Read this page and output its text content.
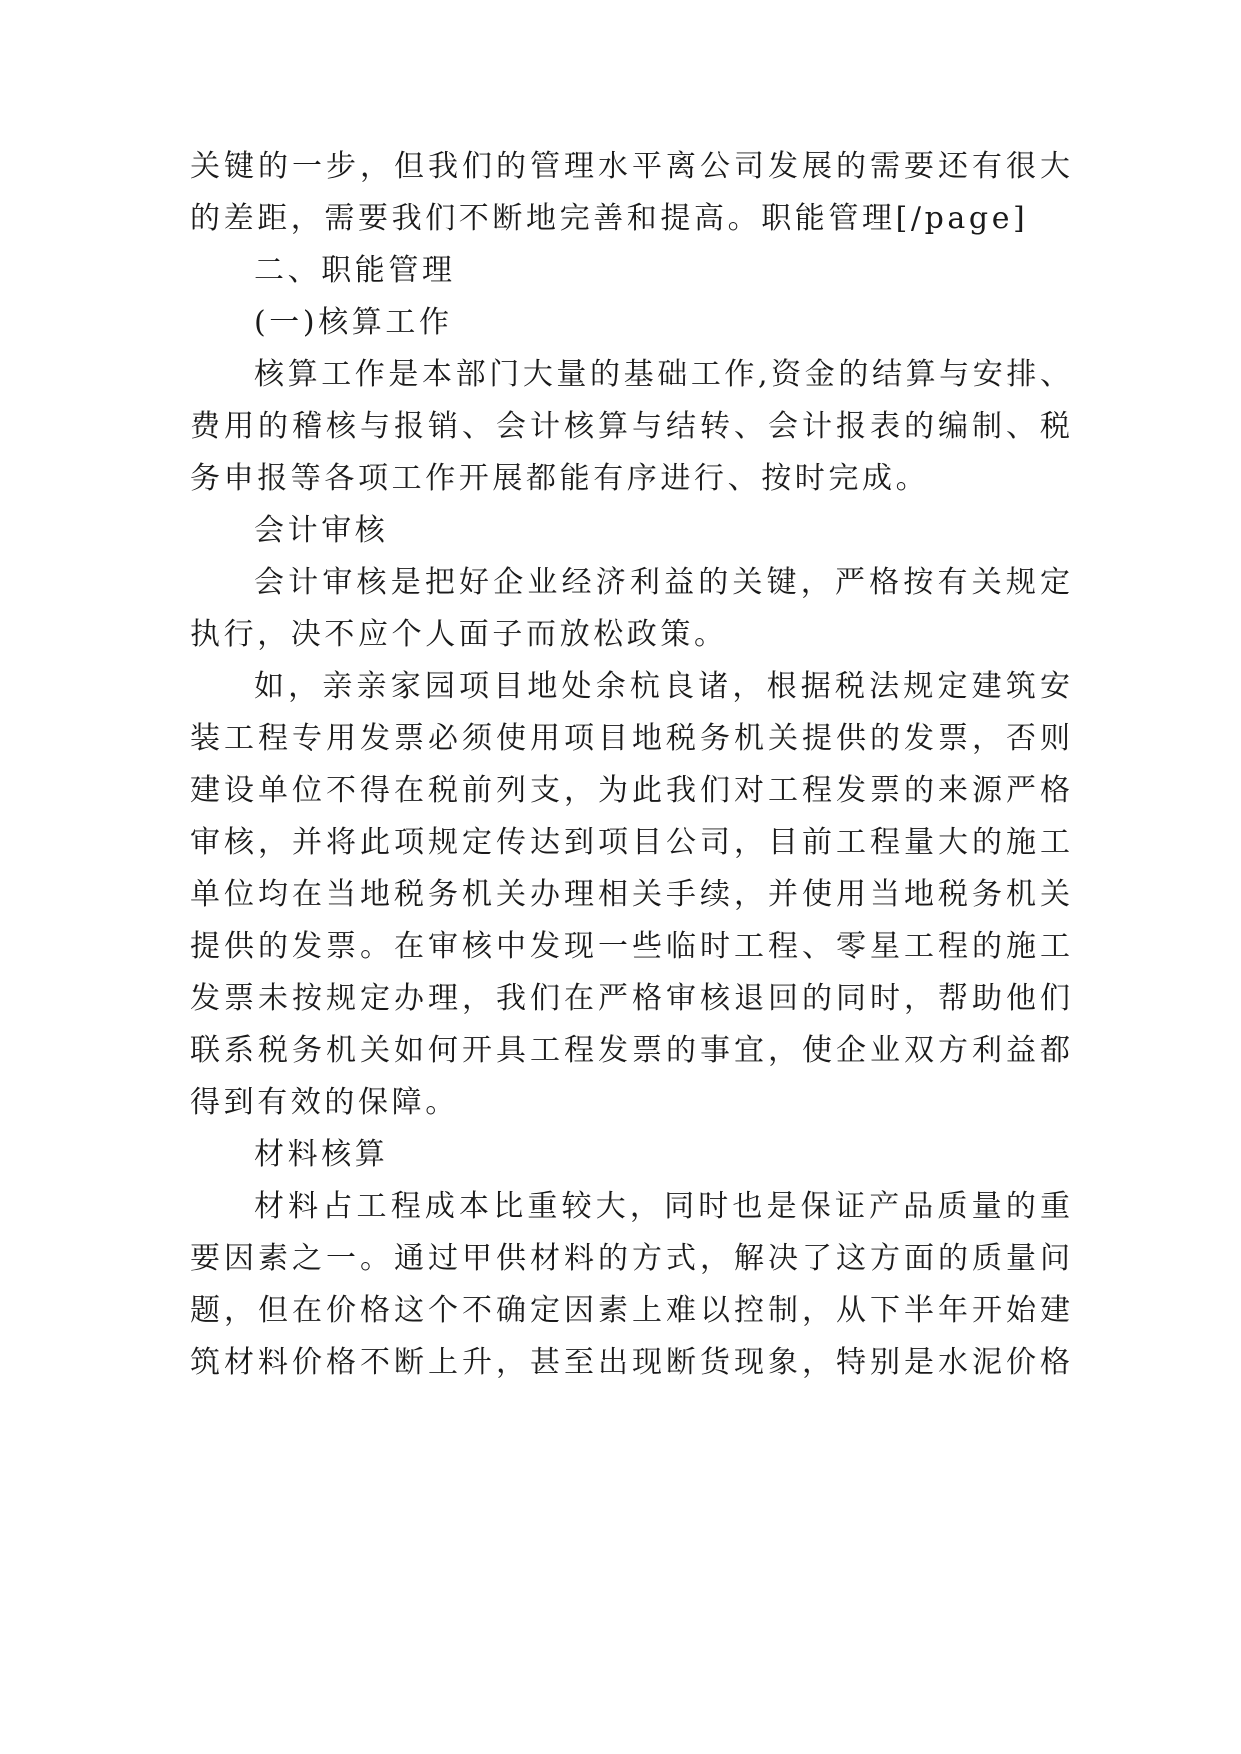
关键的一步，但我们的管理水平离公司发展的需要还有很大
的差距，需要我们不断地完善和提高。职能管理[/page]
二、职能管理
(一)核算工作
核算工作是本部门大量的基础工作,资金的结算与安排、
费用的稽核与报销、会计核算与结转、会计报表的编制、税
务申报等各项工作开展都能有序进行、按时完成。
会计审核
会计审核是把好企业经济利益的关键，严格按有关规定
执行，决不应个人面子而放松政策。
如，亲亲家园项目地处余杭良诸，根据税法规定建筑安
装工程专用发票必须使用项目地税务机关提供的发票，否则
建设单位不得在税前列支，为此我们对工程发票的来源严格
审核，并将此项规定传达到项目公司，目前工程量大的施工
单位均在当地税务机关办理相关手续，并使用当地税务机关
提供的发票。在审核中发现一些临时工程、零星工程的施工
发票未按规定办理，我们在严格审核退回的同时，帮助他们
联系税务机关如何开具工程发票的事宜，使企业双方利益都
得到有效的保障。
材料核算
材料占工程成本比重较大，同时也是保证产品质量的重
要因素之一。通过甲供材料的方式，解决了这方面的质量问
题，但在价格这个不确定因素上难以控制，从下半年开始建
筑材料价格不断上升，甚至出现断货现象，特别是水泥价格
